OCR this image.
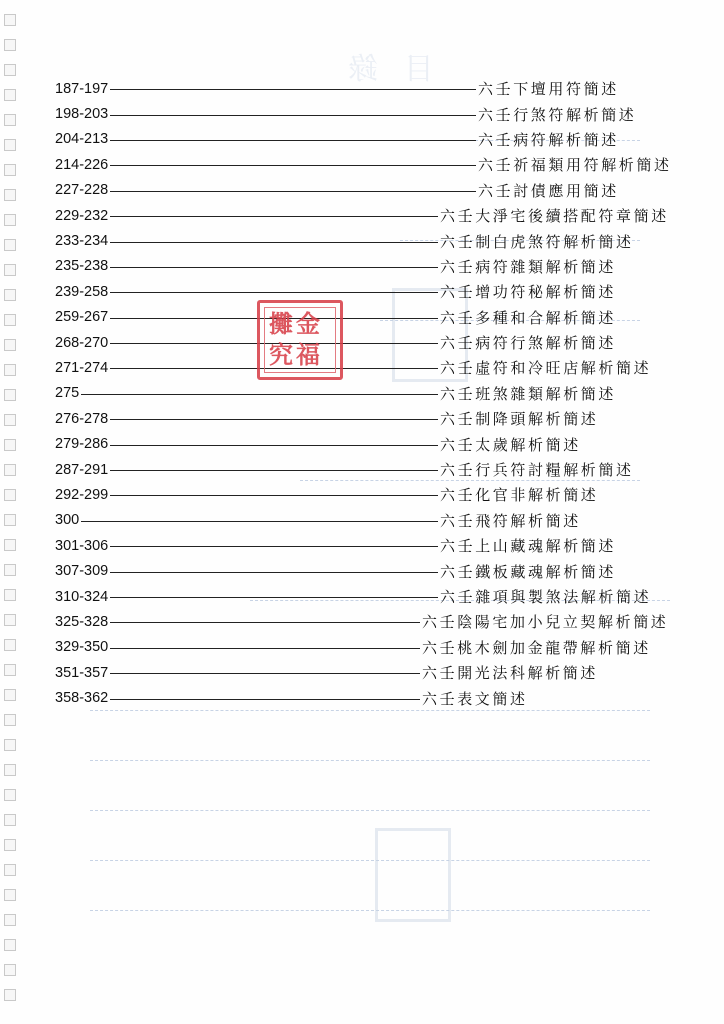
目錄
187-197	六壬下壇用符簡述
198-203	六壬行煞符解析簡述
204-213	六壬病符解析簡述
214-226	六壬祈福類用符解析簡述
227-228	六壬討債應用簡述
229-232	六壬大淨宅後續搭配符章簡述
233-234	六壬制白虎煞符解析簡述
235-238	六壬病符雜類解析簡述
239-258	六壬增功符秘解析簡述
259-267	六壬多種和合解析簡述
268-270	六壬病符行煞解析簡述
271-274	六壬虛符和冷旺店解析簡述
275	六壬班煞雜類解析簡述
276-278	六壬制降頭解析簡述
279-286	六壬太歲解析簡述
287-291	六壬行兵符討糧解析簡述
292-299	六壬化官非解析簡述
300	六壬飛符解析簡述
301-306	六壬上山藏魂解析簡述
307-309	六壬鐵板藏魂解析簡述
310-324	六壬雜項與製煞法解析簡述
325-328	六壬陰陽宅加小兒立契解析簡述
329-350	六壬桃木劍加金龍帶解析簡述
351-357	六壬開光法科解析簡述
358-362	六壬表文簡述
金
福
攤
究
